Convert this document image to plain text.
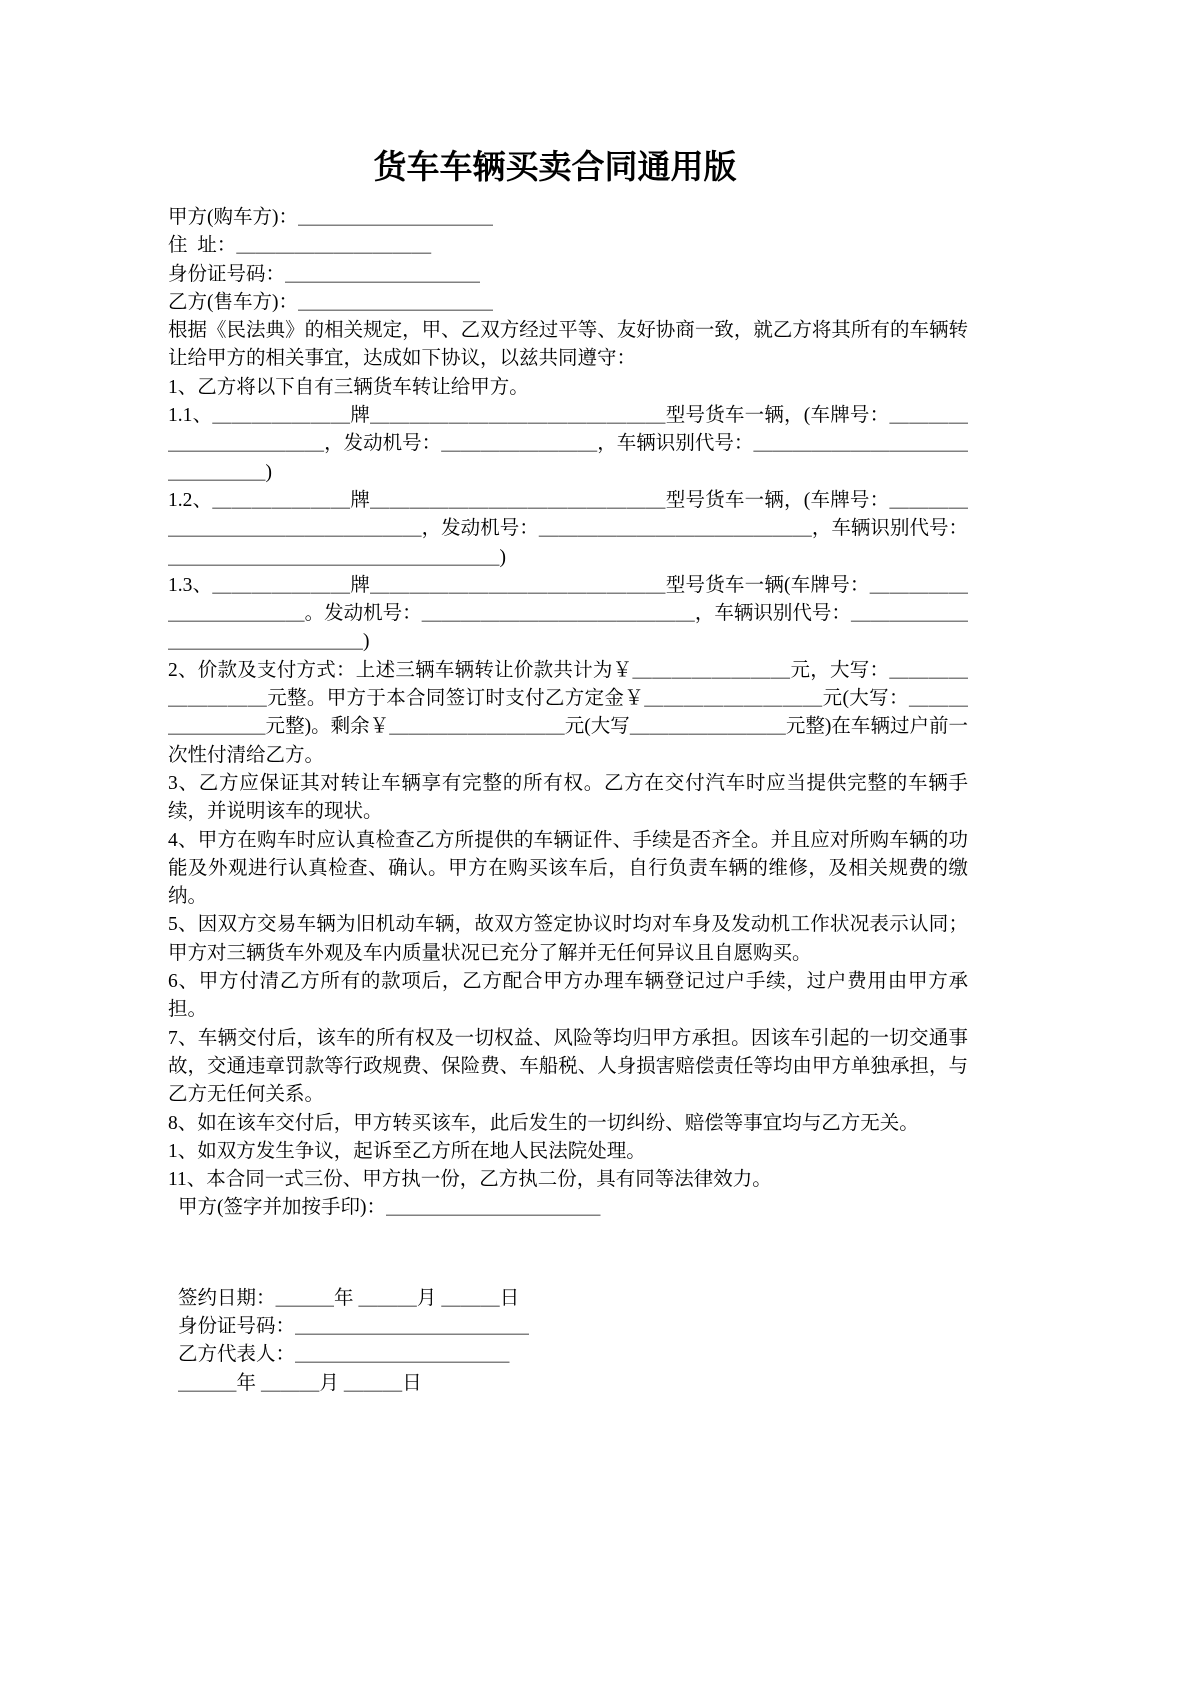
货车车辆买卖合同通用版
甲方(购车方)：＿＿＿＿＿＿＿＿＿＿
住  址：＿＿＿＿＿＿＿＿＿＿
身份证号码：＿＿＿＿＿＿＿＿＿＿
乙方(售车方)：＿＿＿＿＿＿＿＿＿＿

根据《民法典》的相关规定，甲、乙双方经过平等、友好协商一致，就乙方将其所有的车辆转让给甲方的相关事宜，达成如下协议，以兹共同遵守：

1、乙方将以下自有三辆货车转让给甲方。

1.1、＿＿＿＿＿＿＿牌＿＿＿＿＿＿＿＿＿＿＿＿＿＿＿型号货车一辆，(车牌号：＿＿＿＿＿＿＿＿＿＿＿＿，发动机号：＿＿＿＿＿＿＿＿，车辆识别代号：＿＿＿＿＿＿＿＿＿＿＿＿＿＿＿＿)

1.2、＿＿＿＿＿＿＿牌＿＿＿＿＿＿＿＿＿＿＿＿＿＿＿型号货车一辆，(车牌号：＿＿＿＿＿＿＿＿＿＿＿＿＿＿＿＿＿，发动机号：＿＿＿＿＿＿＿＿＿＿＿＿＿＿，车辆识别代号：＿＿＿＿＿＿＿＿＿＿＿＿＿＿＿＿＿)

1.3、＿＿＿＿＿＿＿牌＿＿＿＿＿＿＿＿＿＿＿＿＿＿＿型号货车一辆(车牌号：＿＿＿＿＿＿＿＿＿＿＿＿。发动机号：＿＿＿＿＿＿＿＿＿＿＿＿＿＿，车辆识别代号：＿＿＿＿＿＿＿＿＿＿＿＿＿＿＿＿)

2、价款及支付方式：上述三辆车辆转让价款共计为￥＿＿＿＿＿＿＿＿元，大写：＿＿＿＿＿＿＿＿＿元整。甲方于本合同签订时支付乙方定金￥＿＿＿＿＿＿＿＿＿元(大写：＿＿＿＿＿＿＿＿元整)。剩余￥＿＿＿＿＿＿＿＿＿元(大写＿＿＿＿＿＿＿＿元整)在车辆过户前一次性付清给乙方。

3、乙方应保证其对转让车辆享有完整的所有权。乙方在交付汽车时应当提供完整的车辆手续，并说明该车的现状。

4、甲方在购车时应认真检查乙方所提供的车辆证件、手续是否齐全。并且应对所购车辆的功能及外观进行认真检查、确认。甲方在购买该车后，自行负责车辆的维修，及相关规费的缴纳。

5、因双方交易车辆为旧机动车辆，故双方签定协议时均对车身及发动机工作状况表示认同；甲方对三辆货车外观及车内质量状况已充分了解并无任何异议且自愿购买。

6、甲方付清乙方所有的款项后，乙方配合甲方办理车辆登记过户手续，过户费用由甲方承担。

7、车辆交付后，该车的所有权及一切权益、风险等均归甲方承担。因该车引起的一切交通事故，交通违章罚款等行政规费、保险费、车船税、人身损害赔偿责任等均由甲方单独承担，与乙方无任何关系。

8、如在该车交付后，甲方转买该车，此后发生的一切纠纷、赔偿等事宜均与乙方无关。

1、如双方发生争议，起诉至乙方所在地人民法院处理。

11、本合同一式三份、甲方执一份，乙方执二份，具有同等法律效力。

甲方(签字并加按手印)：＿＿＿＿＿＿＿＿＿＿＿
签约日期：＿＿＿年 ＿＿＿月 ＿＿＿日
身份证号码：＿＿＿＿＿＿＿＿＿＿＿＿
乙方代表人：＿＿＿＿＿＿＿＿＿＿＿
＿＿＿年 ＿＿＿月 ＿＿＿日
